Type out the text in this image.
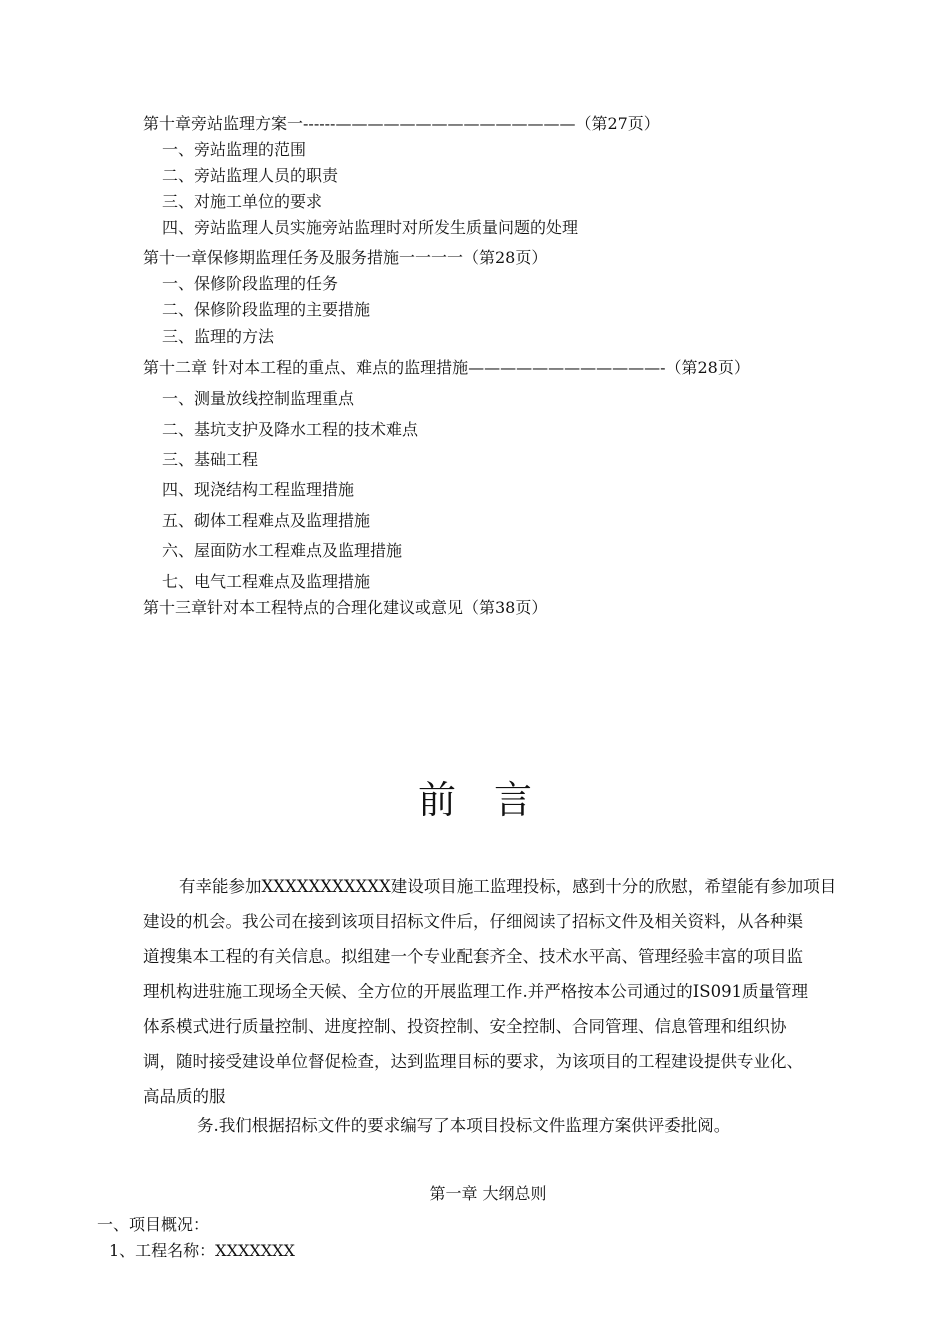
第十章旁站监理方案一------———————————————（第27页）
一、旁站监理的范围
二、旁站监理人员的职责
三、对施工单位的要求
四、旁站监理人员实施旁站监理时对所发生质量问题的处理
第十一章保修期监理任务及服务措施一一一一（第28页）
一、保修阶段监理的任务
二、保修阶段监理的主要措施
三、监理的方法
第十二章 针对本工程的重点、难点的监理措施————————————-（第28页）
一、测量放线控制监理重点
二、基坑支护及降水工程的技术难点
三、基础工程
四、现浇结构工程监理措施
五、砌体工程难点及监理措施
六、屋面防水工程难点及监理措施
七、电气工程难点及监理措施
第十三章针对本工程特点的合理化建议或意见（第38页）
前言
有幸能参加XXXXXXXXXXX建设项目施工监理投标，感到十分的欣慰，希望能有参加项目
建设的机会。我公司在接到该项目招标文件后，仔细阅读了招标文件及相关资料，从各种渠
道搜集本工程的有关信息。拟组建一个专业配套齐全、技术水平高、管理经验丰富的项目监
理机构进驻施工现场全天候、全方位的开展监理工作.并严格按本公司通过的IS091质量管理
体系模式进行质量控制、进度控制、投资控制、安全控制、合同管理、信息管理和组织协
调，随时接受建设单位督促检查，达到监理目标的要求，为该项目的工程建设提供专业化、
高品质的服
务.我们根据招标文件的要求编写了本项目投标文件监理方案供评委批阅。
第一章 大纲总则
一、项目概况：
1、工程名称：XXXXXXX
